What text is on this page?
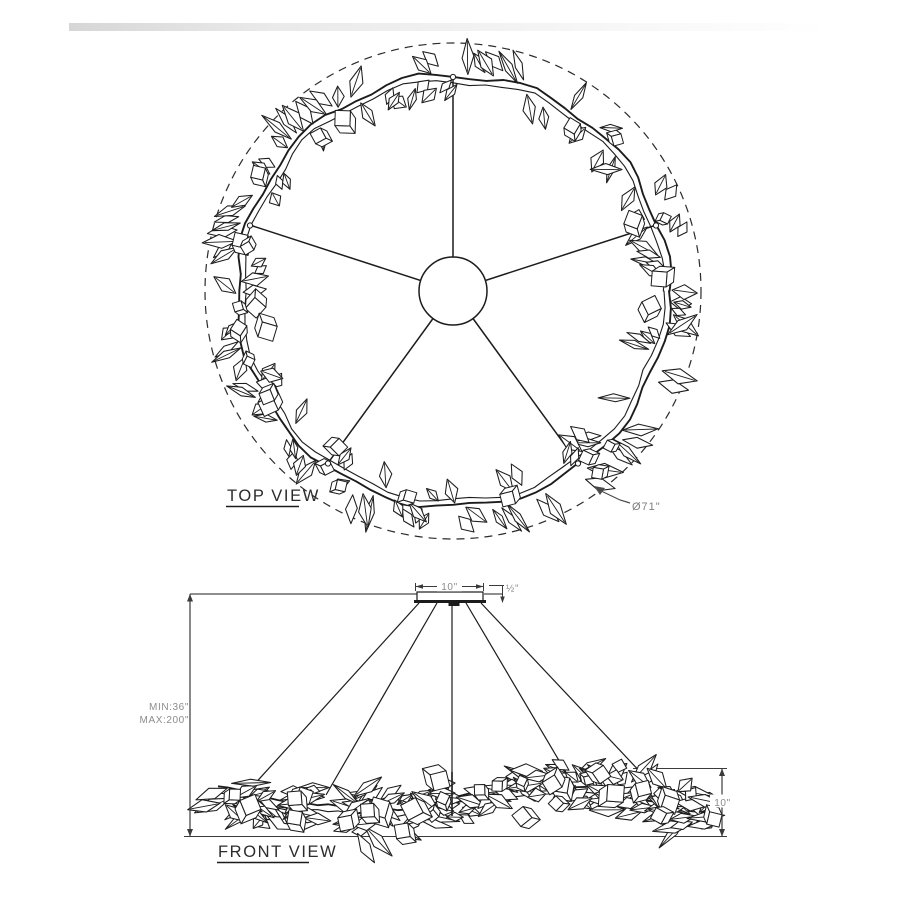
Ø71"
TOP VIEW
10"	½"
MIN:36"
MAX:200"
10"
FRONT VIEW
